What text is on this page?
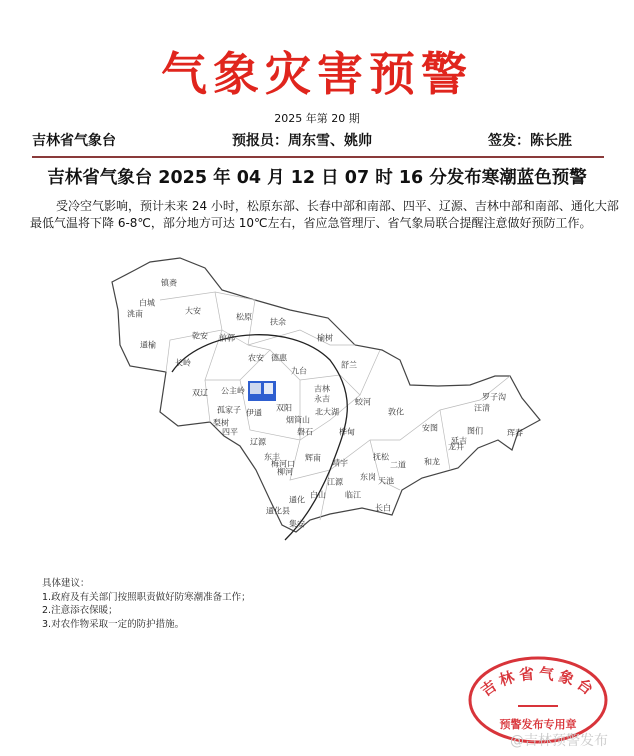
气象灾害预警
2025 年第 20 期
吉林省气象台	预报员：周东雪、姚帅	签发：陈长胜
吉林省气象台 2025 年 04 月 12 日 07 时 16 分发布寒潮蓝色预警

受冷空气影响，预计未来 24 小时，松原东部、长春中部和南部、四平、辽源、吉林中部和南部、通化大部最低气温将下降 6-8℃，部分地方可达 10℃左右，省应急管理厅、省气象局联合提醒注意做好预防工作。

镇赉
白城
洮南	大安
松原
扶余
乾安 前郭
通榆
榆树
长岭
农安 德惠
舒兰
九台
双辽 公主岭	吉林
永吉	蛟河
孤家子 伊通
双阳	北大湖
梨树
四平
烟筒山
磐石	桦甸
辽源
东丰
梅河口
辉南
靖宇
柳河
江源
通化
白山 临江
通化县
集安
敦化
安图
汪清
罗子沟
图们	珲春
延吉
龙井
和龙
抚松
二道
东岗 天池
长白
具体建议：
1.政府及有关部门按照职责做好防寒潮准备工作；
2.注意添衣保暖；
3.对农作物采取一定的防护措施。
吉林省气象台
预警发布专用章
@吉林预警发布
